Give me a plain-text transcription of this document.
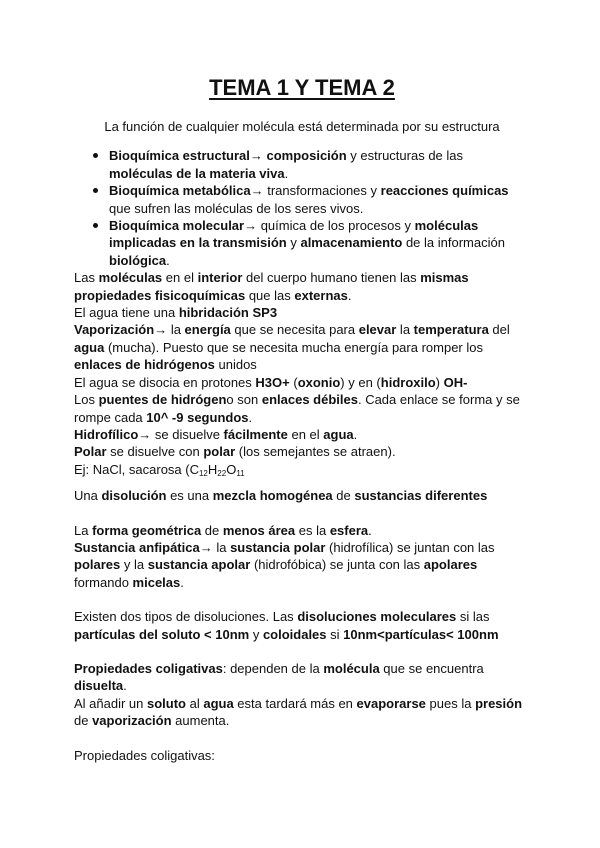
TEMA 1 Y TEMA 2

La función de cualquier molécula está determinada por su estructura

Bioquímica estructural→ composición y estructuras de las moléculas de la materia viva.
Bioquímica metabólica→ transformaciones y reacciones químicas que sufren las moléculas de los seres vivos.
Bioquímica molecular→ química de los procesos y moléculas implicadas en la transmisión y almacenamiento de la información biológica.

Las moléculas en el interior del cuerpo humano tienen las mismas propiedades fisicoquímicas que las externas.

El agua tiene una hibridación SP3

Vaporización→ la energía que se necesita para elevar la temperatura del agua (mucha). Puesto que se necesita mucha energía para romper los enlaces de hidrógenos unidos

El agua se disocia en protones H3O+ (oxonio) y en (hidroxilo) OH-

Los puentes de hidrógeno son enlaces débiles. Cada enlace se forma y se rompe cada 10^ -9 segundos.

Hidrofílico→ se disuelve fácilmente en el agua.

Polar se disuelve con polar (los semejantes se atraen).

Ej: NaCl, sacarosa ($C_{12}H_{22}O_{11}$

Una disolución es una mezcla homogénea de sustancias diferentes

La forma geométrica de menos área es la esfera.

Sustancia anfipática→ la sustancia polar (hidrofílica) se juntan con las polares y la sustancia apolar (hidrofóbica) se junta con las apolares formando micelas.

Existen dos tipos de disoluciones. Las disoluciones moleculares si las partículas del soluto < 10nm y coloidales si 10nm<partículas< 100nm

Propiedades coligativas: dependen de la molécula que se encuentra disuelta.

Al añadir un soluto al agua esta tardará más en evaporarse pues la presión de vaporización aumenta.

Propiedades coligativas:
